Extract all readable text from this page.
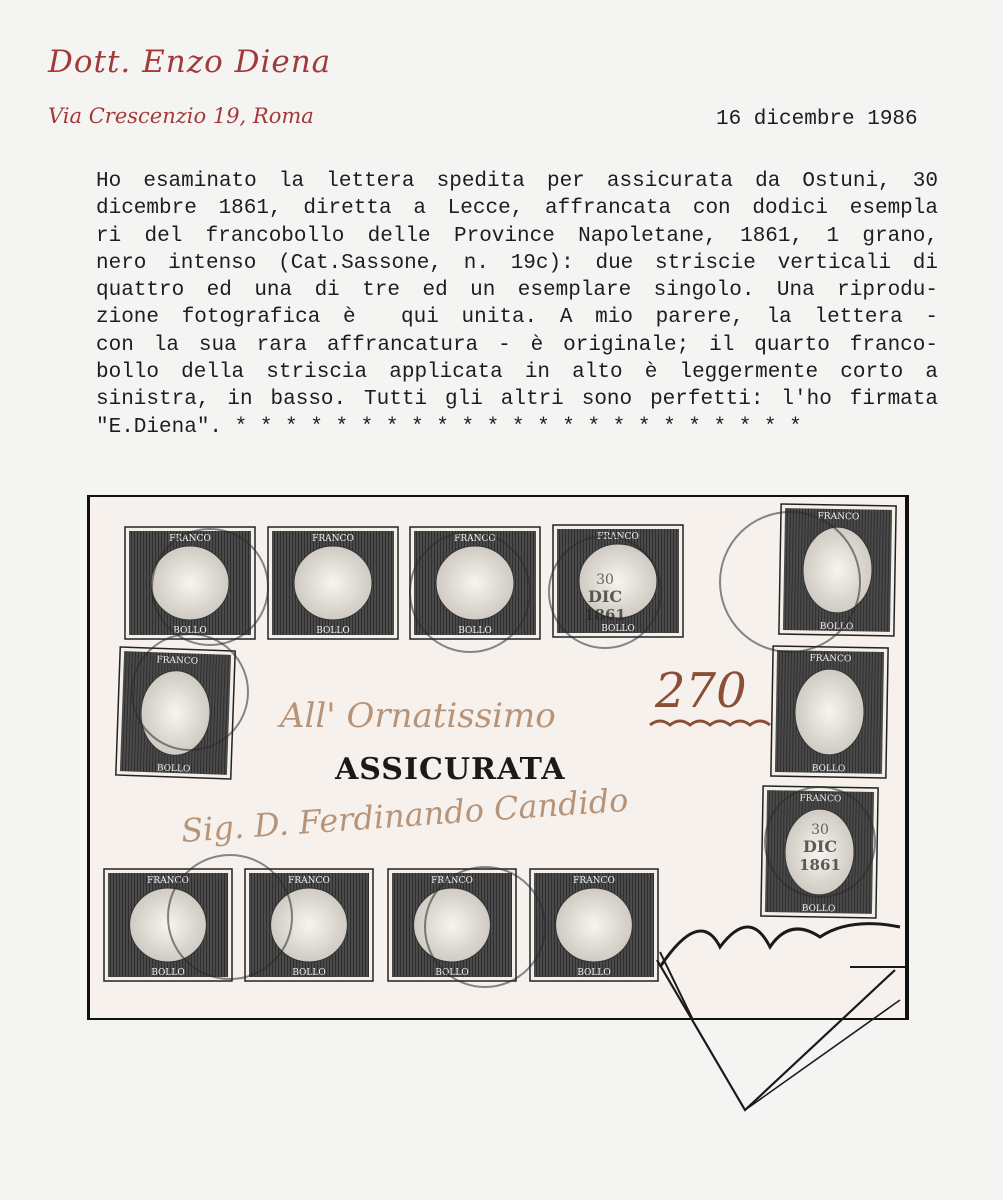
Dott. Enzo Diena
Via Crescenzio 19, Roma	16 dicembre 1986
Ho esaminato la lettera spedita per assicurata da Ostuni, 30
dicembre 1861, diretta a Lecce, affrancata con dodici esempla
ri del francobollo delle Province Napoletane, 1861, 1 grano,
nero intenso (Cat.Sassone, n. 19c): due striscie verticali di
quattro ed una di tre ed un esemplare singolo. Una riprodu-
zione fotografica è  qui unita. A mio parere, la lettera -
con la sua rara affrancatura - è originale; il quarto franco-
bollo della striscia applicata in alto è leggermente corto a
sinistra, in basso. Tutti gli altri sono perfetti: l'ho firmata
"E.Diena". * * * * * * * * * * * * * * * * * * * * * * *
All' Ornatissimo
Sig. D. Ferdinando Candido
270
ASSICURATA
FRANCO
BOLLO
FRANCO
BOLLO
FRANCO
BOLLO
FRANCO
BOLLO
FRANCO
BOLLO
FRANCO
BOLLO
FRANCO
BOLLO
FRANCO
BOLLO
FRANCO
BOLLO
FRANCO
BOLLO
FRANCO
BOLLO
FRANCO
BOLLO
30
DIC
1861
30
DIC
1861
